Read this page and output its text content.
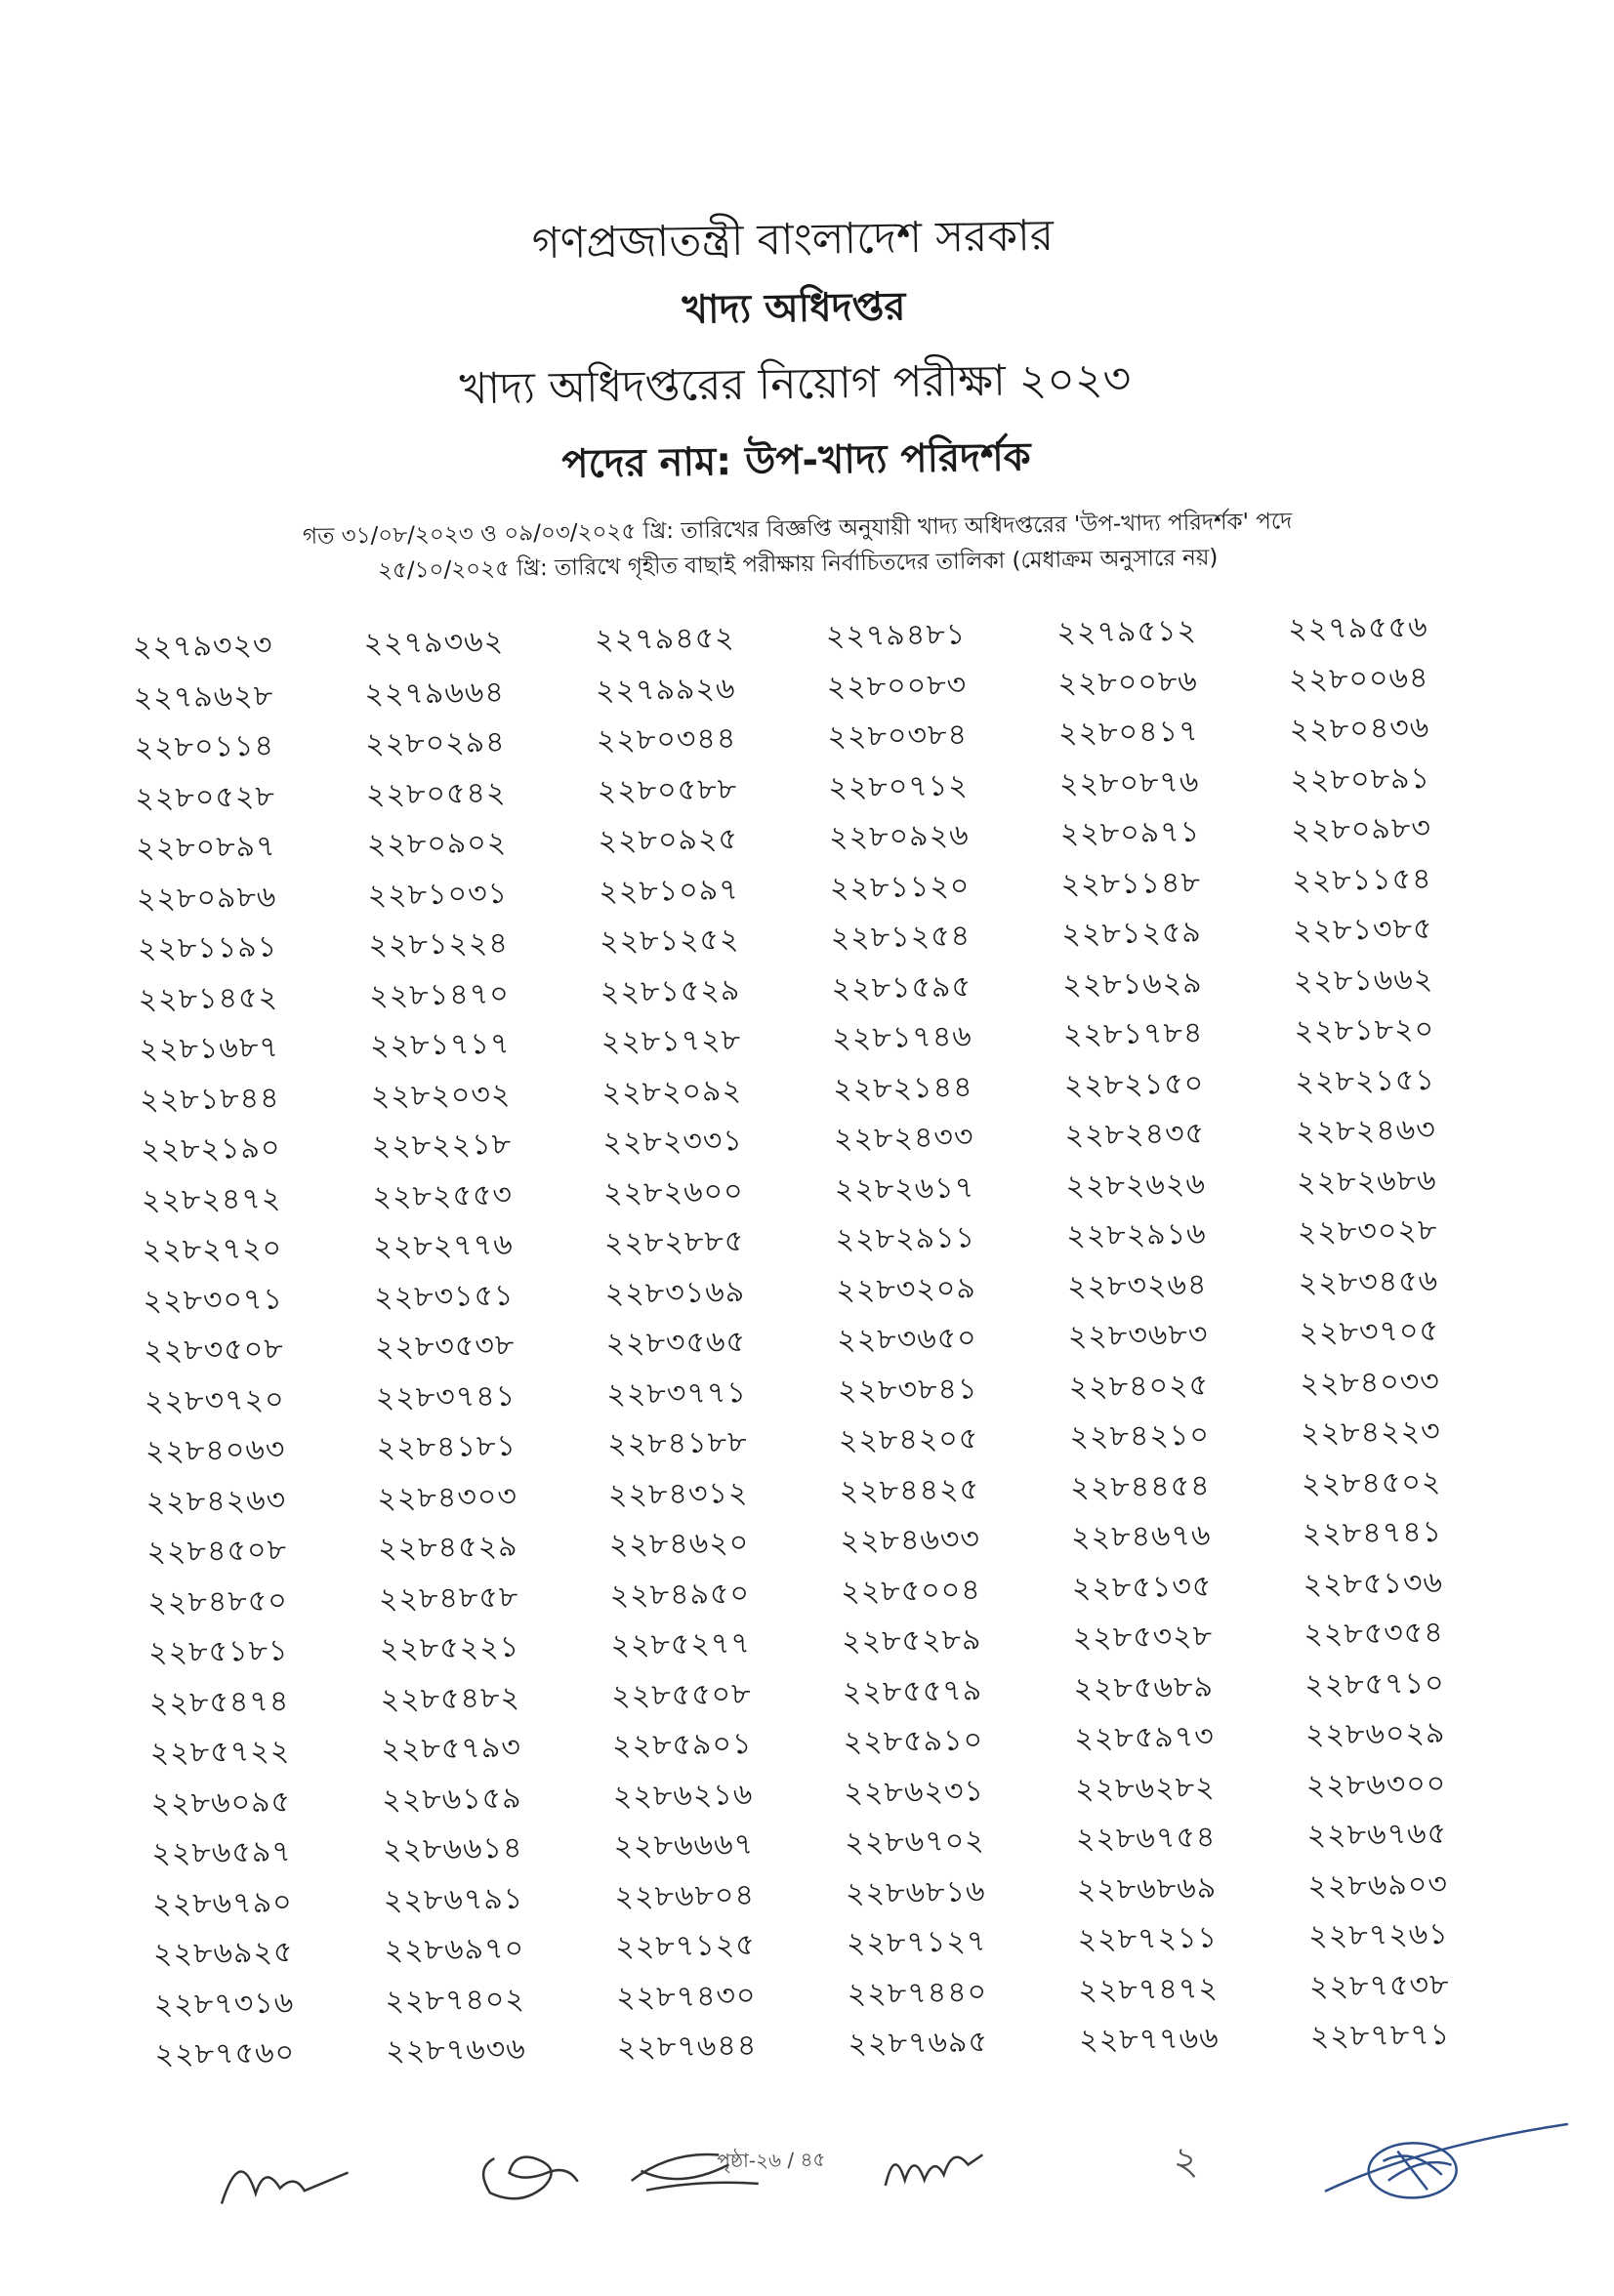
গণপ্রজাতন্ত্রী বাংলাদেশ সরকার
খাদ্য অধিদপ্তর
খাদ্য অধিদপ্তরের নিয়োগ পরীক্ষা ২০২৩
পদের নাম: উপ-খাদ্য পরিদর্শক
গত ৩১/০৮/২০২৩ ও ০৯/০৩/২০২৫ খ্রি: তারিখের বিজ্ঞপ্তি অনুযায়ী খাদ্য অধিদপ্তরের 'উপ-খাদ্য পরিদর্শক' পদে
২৫/১০/২০২৫ খ্রি: তারিখে গৃহীত বাছাই পরীক্ষায় নির্বাচিতদের তালিকা (মেধাক্রম অনুসারে নয়)
২২৭৯৩২৩	২২৭৯৩৬২	২২৭৯৪৫২	২২৭৯৪৮১	২২৭৯৫১২	২২৭৯৫৫৬
২২৭৯৬২৮	২২৭৯৬৬৪	২২৭৯৯২৬	২২৮০০৮৩	২২৮০০৮৬	২২৮০০৬৪
২২৮০১১৪	২২৮০২৯৪	২২৮০৩৪৪	২২৮০৩৮৪	২২৮০৪১৭	২২৮০৪৩৬
২২৮০৫২৮	২২৮০৫৪২	২২৮০৫৮৮	২২৮০৭১২	২২৮০৮৭৬	২২৮০৮৯১
২২৮০৮৯৭	২২৮০৯০২	২২৮০৯২৫	২২৮০৯২৬	২২৮০৯৭১	২২৮০৯৮৩
২২৮০৯৮৬	২২৮১০৩১	২২৮১০৯৭	২২৮১১২০	২২৮১১৪৮	২২৮১১৫৪
২২৮১১৯১	২২৮১২২৪	২২৮১২৫২	২২৮১২৫৪	২২৮১২৫৯	২২৮১৩৮৫
২২৮১৪৫২	২২৮১৪৭০	২২৮১৫২৯	২২৮১৫৯৫	২২৮১৬২৯	২২৮১৬৬২
২২৮১৬৮৭	২২৮১৭১৭	২২৮১৭২৮	২২৮১৭৪৬	২২৮১৭৮৪	২২৮১৮২০
২২৮১৮৪৪	২২৮২০৩২	২২৮২০৯২	২২৮২১৪৪	২২৮২১৫০	২২৮২১৫১
২২৮২১৯০	২২৮২২১৮	২২৮২৩৩১	২২৮২৪৩৩	২২৮২৪৩৫	২২৮২৪৬৩
২২৮২৪৭২	২২৮২৫৫৩	২২৮২৬০০	২২৮২৬১৭	২২৮২৬২৬	২২৮২৬৮৬
২২৮২৭২০	২২৮২৭৭৬	২২৮২৮৮৫	২২৮২৯১১	২২৮২৯১৬	২২৮৩০২৮
২২৮৩০৭১	২২৮৩১৫১	২২৮৩১৬৯	২২৮৩২০৯	২২৮৩২৬৪	২২৮৩৪৫৬
২২৮৩৫০৮	২২৮৩৫৩৮	২২৮৩৫৬৫	২২৮৩৬৫০	২২৮৩৬৮৩	২২৮৩৭০৫
২২৮৩৭২০	২২৮৩৭৪১	২২৮৩৭৭১	২২৮৩৮৪১	২২৮৪০২৫	২২৮৪০৩৩
২২৮৪০৬৩	২২৮৪১৮১	২২৮৪১৮৮	২২৮৪২০৫	২২৮৪২১০	২২৮৪২২৩
২২৮৪২৬৩	২২৮৪৩০৩	২২৮৪৩১২	২২৮৪৪২৫	২২৮৪৪৫৪	২২৮৪৫০২
২২৮৪৫০৮	২২৮৪৫২৯	২২৮৪৬২০	২২৮৪৬৩৩	২২৮৪৬৭৬	২২৮৪৭৪১
২২৮৪৮৫০	২২৮৪৮৫৮	২২৮৪৯৫০	২২৮৫০০৪	২২৮৫১৩৫	২২৮৫১৩৬
২২৮৫১৮১	২২৮৫২২১	২২৮৫২৭৭	২২৮৫২৮৯	২২৮৫৩২৮	২২৮৫৩৫৪
২২৮৫৪৭৪	২২৮৫৪৮২	২২৮৫৫০৮	২২৮৫৫৭৯	২২৮৫৬৮৯	২২৮৫৭১০
২২৮৫৭২২	২২৮৫৭৯৩	২২৮৫৯০১	২২৮৫৯১০	২২৮৫৯৭৩	২২৮৬০২৯
২২৮৬০৯৫	২২৮৬১৫৯	২২৮৬২১৬	২২৮৬২৩১	২২৮৬২৮২	২২৮৬৩০০
২২৮৬৫৯৭	২২৮৬৬১৪	২২৮৬৬৬৭	২২৮৬৭০২	২২৮৬৭৫৪	২২৮৬৭৬৫
২২৮৬৭৯০	২২৮৬৭৯১	২২৮৬৮০৪	২২৮৬৮১৬	২২৮৬৮৬৯	২২৮৬৯০৩
২২৮৬৯২৫	২২৮৬৯৭০	২২৮৭১২৫	২২৮৭১২৭	২২৮৭২১১	২২৮৭২৬১
২২৮৭৩১৬	২২৮৭৪০২	২২৮৭৪৩০	২২৮৭৪৪০	২২৮৭৪৭২	২২৮৭৫৩৮
২২৮৭৫৬০	২২৮৭৬৩৬	২২৮৭৬৪৪	২২৮৭৬৯৫	২২৮৭৭৬৬	২২৮৭৮৭১
পৃষ্ঠা-২৬ / ৪৫	২
